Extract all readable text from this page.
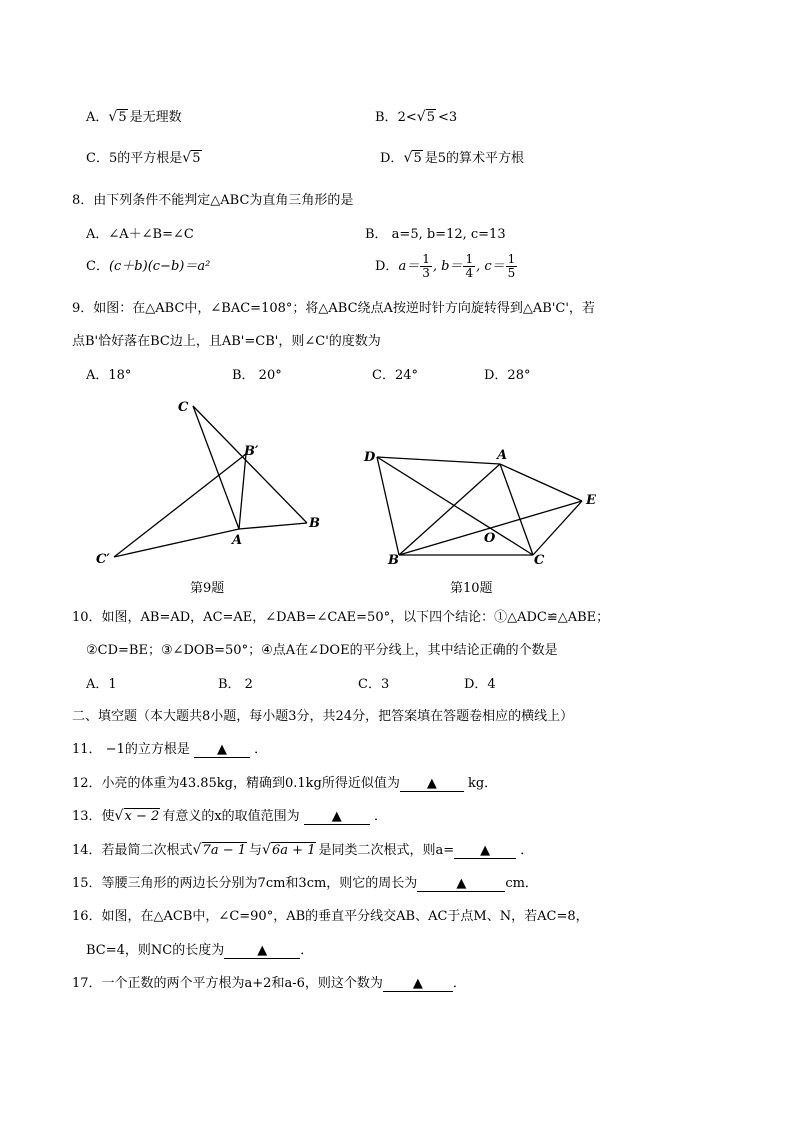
A． √ 5 是无理数	B．2< √ 5 <3
C．5的平方根是 √ 5	D． √ 5 是5的算术平方根
8．由下列条件不能判定△ABC为直角三角形的是
A．∠A＋∠B=∠C	B． a=5, b=12, c=13
C．(c＋b)(c−b)＝a²	D．$a= \frac{1}{3}$ , $b= \frac{1}{4}$ , $c= \frac{1}{5}$
9．如图：在△ABC中，∠BAC=108°；将△ABC绕点A按逆时针方向旋转得到△AB'C'，若
点B'恰好落在BC边上，且AB'=CB'，则∠C'的度数为
A．18°	B． 20°	C．24°	D．28°
C
B′
A
B
C′
第9题
D	A
E
O
B	C
第10题
10．如图，AB=AD，AC=AE，∠DAB=∠CAE=50°，以下四个结论：①△ADC≌△ABE；
②CD=BE；③∠DOB=50°；④点A在∠DOE的平分线上，其中结论正确的个数是
A．1	B． 2	C．3	D．4
二、填空题（本大题共8小题，每小题3分，共24分，把答案填在答题卷相应的横线上）
11． −1的立方根是 ▲ ．
12．小亮的体重为43.85kg，精确到0.1kg所得近似值为 ▲ kg．
13．使 √ x − 2 有意义的x的取值范围为 ▲ ．
14．若最简二次根式 √ 7a − 1 与 √ 6a + 1 是同类二次根式，则a= ▲ ．
15．等腰三角形的两边长分别为7cm和3cm，则它的周长为	▲	cm．
16．如图，在△ACB中，∠C=90°，AB的垂直平分线交AB、AC于点M、N，若AC=8，
BC=4，则NC的长度为	▲	．
17．一个正数的两个平方根为a+2和a-6，则这个数为 ▲ ．
